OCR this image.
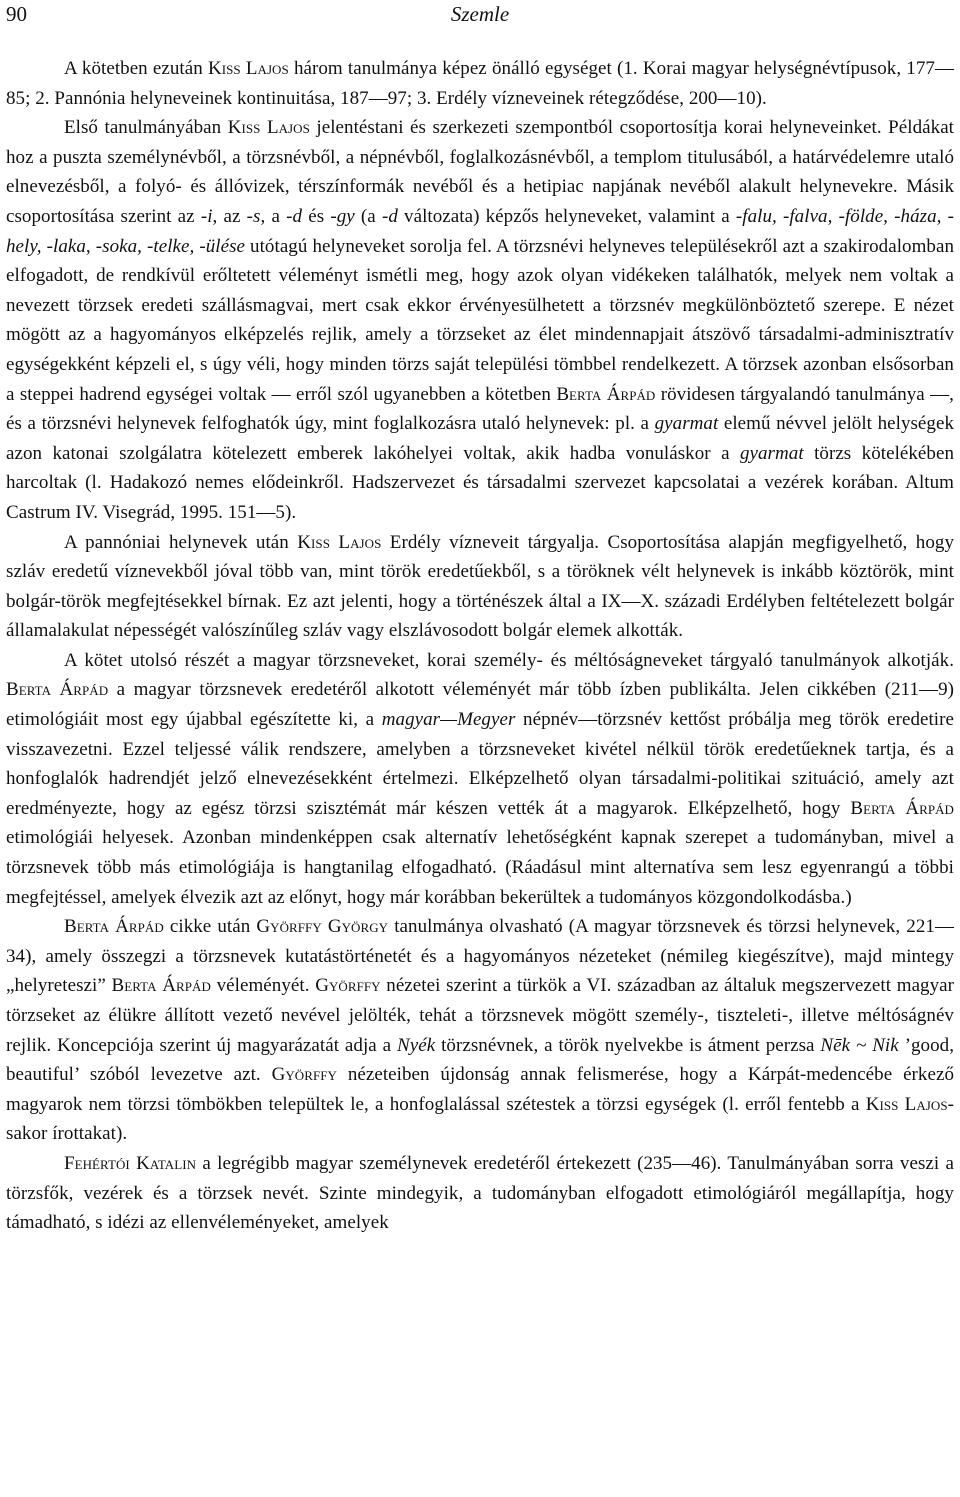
90	Szemle

A kötetben ezután Kiss Lajos három tanulmánya képez önálló egységet (1. Korai magyar helységnévtípusok, 177—85; 2. Pannónia helyneveinek kontinuitása, 187—97; 3. Erdély vízneveinek rétegződése, 200—10).

Első tanulmányában Kiss Lajos jelentéstani és szerkezeti szempontból csoportosítja korai helyneveinket. Példákat hoz a puszta személynévből, a törzsnévből, a népnévből, foglalkozásnévből, a templom titulusából, a határvédelemre utaló elnevezésből, a folyó- és állóvizek, térszínformák nevéből és a hetipiac napjának nevéből alakult helynevekre. Másik csoportosítása szerint az -i, az -s, a -d és -gy (a -d változata) képzős helyneveket, valamint a -falu, -falva, -földe, -háza, -hely, -laka, -soka, -telke, -ülése utótagú helyneveket sorolja fel. A törzsnévi helyneves településekről azt a szakirodalomban elfogadott, de rendkívül erőltetett véleményt ismétli meg, hogy azok olyan vidékeken találhatók, melyek nem voltak a nevezett törzsek eredeti szállásmagvai, mert csak ekkor érvényesülhetett a törzsnév megkülönböztető szerepe. E nézet mögött az a hagyományos elképzelés rejlik, amely a törzseket az élet mindennapjait átszövő társadalmi-adminisztratív egységekként képzeli el, s úgy véli, hogy minden törzs saját települési tömbbel rendelkezett. A törzsek azonban elsősorban a steppei hadrend egységei voltak — erről szól ugyanebben a kötetben Berta Árpád rövidesen tárgyalandó tanulmánya —, és a törzsnévi helynevek felfoghatók úgy, mint foglalkozásra utaló helynevek: pl. a gyarmat elemű névvel jelölt helységek azon katonai szolgálatra kötelezett emberek lakóhelyei voltak, akik hadba vonuláskor a gyarmat törzs kötelékében harcoltak (l. Hadakozó nemes elődeinkről. Hadszervezet és társadalmi szervezet kapcsolatai a vezérek korában. Altum Castrum IV. Visegrád, 1995. 151—5).

A pannóniai helynevek után Kiss Lajos Erdély vízneveit tárgyalja. Csoportosítása alapján megfigyelhető, hogy szláv eredetű víznevekből jóval több van, mint török eredetűekből, s a töröknek vélt helynevek is inkább köztörök, mint bolgár-török megfejtésekkel bírnak. Ez azt jelenti, hogy a történészek által a IX—X. századi Erdélyben feltételezett bolgár államalakulat népességét valószínűleg szláv vagy elszlávosodott bolgár elemek alkották.

A kötet utolsó részét a magyar törzsneveket, korai személy- és méltóságneveket tárgyaló tanulmányok alkotják. Berta Árpád a magyar törzsnevek eredetéről alkotott véleményét már több ízben publikálta. Jelen cikkében (211—9) etimológiáit most egy újabbal egészítette ki, a magyar—Megyer népnév—törzsnév kettőst próbálja meg török eredetire visszavezetni. Ezzel teljessé válik rendszere, amelyben a törzsneveket kivétel nélkül török eredetűeknek tartja, és a honfoglalók hadrendjét jelző elnevezésekként értelmezi. Elképzelhető olyan társadalmi-politikai szituáció, amely azt eredményezte, hogy az egész törzsi szisztémát már készen vették át a magyarok. Elképzelhető, hogy Berta Árpád etimológiái helyesek. Azonban mindenképpen csak alternatív lehetőségként kapnak szerepet a tudományban, mivel a törzsnevek több más etimológiája is hangtanilag elfogadható. (Ráadásul mint alternatíva sem lesz egyenrangú a többi megfejtéssel, amelyek élvezik azt az előnyt, hogy már korábban bekerültek a tudományos közgondolkodásba.)

Berta Árpád cikke után Györffy György tanulmánya olvasható (A magyar törzsnevek és törzsi helynevek, 221—34), amely összegzi a törzsnevek kutatástörténetét és a hagyományos nézeteket (némileg kiegészítve), majd mintegy „helyreteszi” Berta Árpád véleményét. Györffy nézetei szerint a türkök a VI. században az általuk megszervezett magyar törzseket az élükre állított vezető nevével jelölték, tehát a törzsnevek mögött személy-, tiszteleti-, illetve méltóságnév rejlik. Koncepciója szerint új magyarázatát adja a Nyék törzsnévnek, a török nyelvekbe is átment perzsa Nēk ~ Nik ’good, beautiful’ szóból levezetve azt. Györffy nézeteiben újdonság annak felismerése, hogy a Kárpát-medencébe érkező magyarok nem törzsi tömbökben települtek le, a honfoglalással szétestek a törzsi egységek (l. erről fentebb a Kiss Lajos-sakor írottakat).

Fehértói Katalin a legrégibb magyar személynevek eredetéről értekezett (235—46). Tanulmányában sorra veszi a törzsfők, vezérek és a törzsek nevét. Szinte mindegyik, a tudományban elfogadott etimológiáról megállapítja, hogy támadható, s idézi az ellenvéleményeket, amelyek
